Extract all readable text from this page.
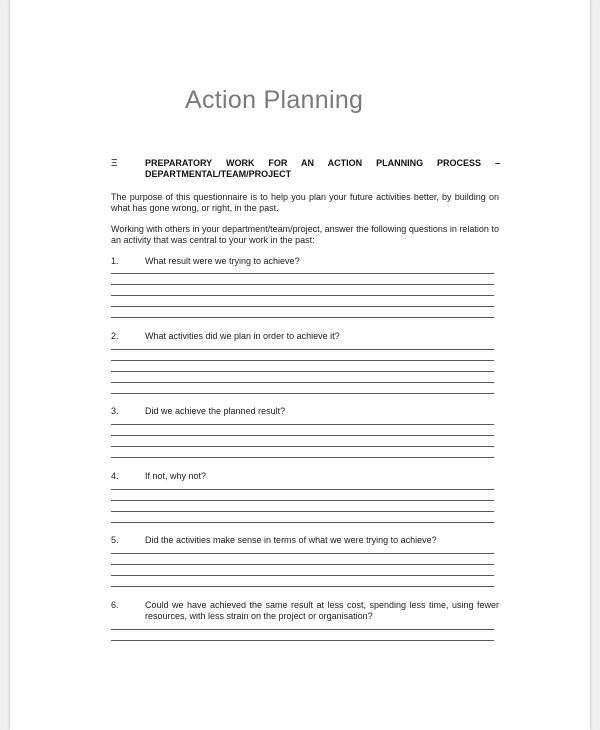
Action Planning
Ξ	PREPARATORY WORK FOR AN ACTION PLANNING PROCESS –
DEPARTMENTAL/TEAM/PROJECT
The purpose of this questionnaire is to help you plan your future activities better, by building on what has gone wrong, or right, in the past.
Working with others in your department/team/project, answer the following questions in relation to an activity that was central to your work in the past:
1.	What result were we trying to achieve?
2.	What activities did we plan in order to achieve it?
3.	Did we achieve the planned result?
4.	If not, why not?
5.	Did the activities make sense in terms of what we were trying to achieve?
6.	Could we have achieved the same result at less cost, spending less time, using fewer resources, with less strain on the project or organisation?
